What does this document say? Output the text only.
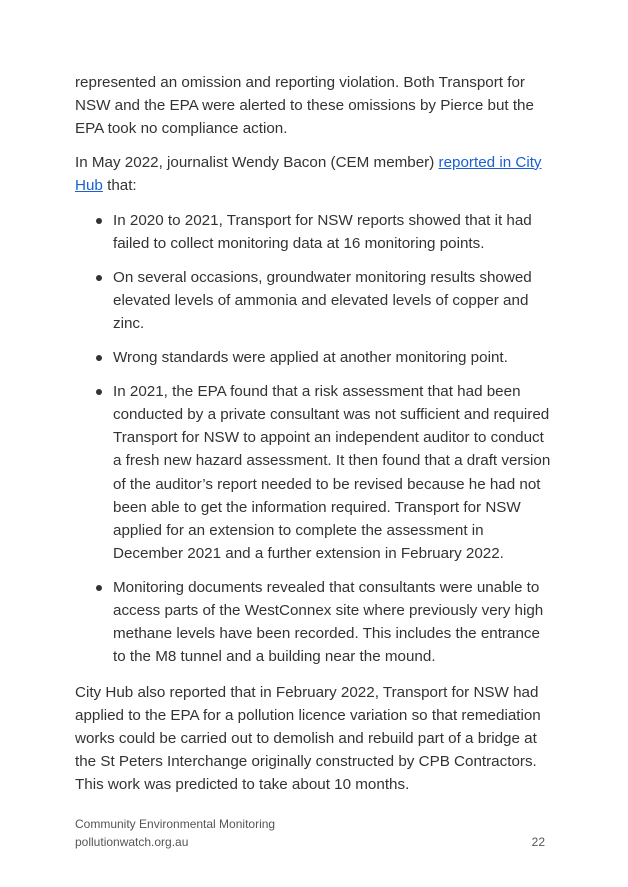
represented an omission and reporting violation. Both Transport for NSW and the EPA were alerted to these omissions by Pierce but the EPA took no compliance action.

In May 2022, journalist Wendy Bacon (CEM member) reported in City Hub that:

In 2020 to 2021, Transport for NSW reports showed that it had failed to collect monitoring data at 16 monitoring points.
On several occasions, groundwater monitoring results showed elevated levels of ammonia and elevated levels of copper and zinc.
Wrong standards were applied at another monitoring point.
In 2021, the EPA found that a risk assessment that had been conducted by a private consultant was not sufficient and required Transport for NSW to appoint an independent auditor to conduct a fresh new hazard assessment. It then found that a draft version of the auditor’s report needed to be revised because he had not been able to get the information required. Transport for NSW applied for an extension to complete the assessment in December 2021 and a further extension in February 2022.
Monitoring documents revealed that consultants were unable to access parts of the WestConnex site where previously very high methane levels have been recorded. This includes the entrance to the M8 tunnel and a building near the mound.

City Hub also reported that in February 2022, Transport for NSW had applied to the EPA for a pollution licence variation so that remediation works could be carried out to demolish and rebuild part of a bridge at the St Peters Interchange originally constructed by CPB Contractors. This work was predicted to take about 10 months.

Community Environmental Monitoring
pollutionwatch.org.au	22
